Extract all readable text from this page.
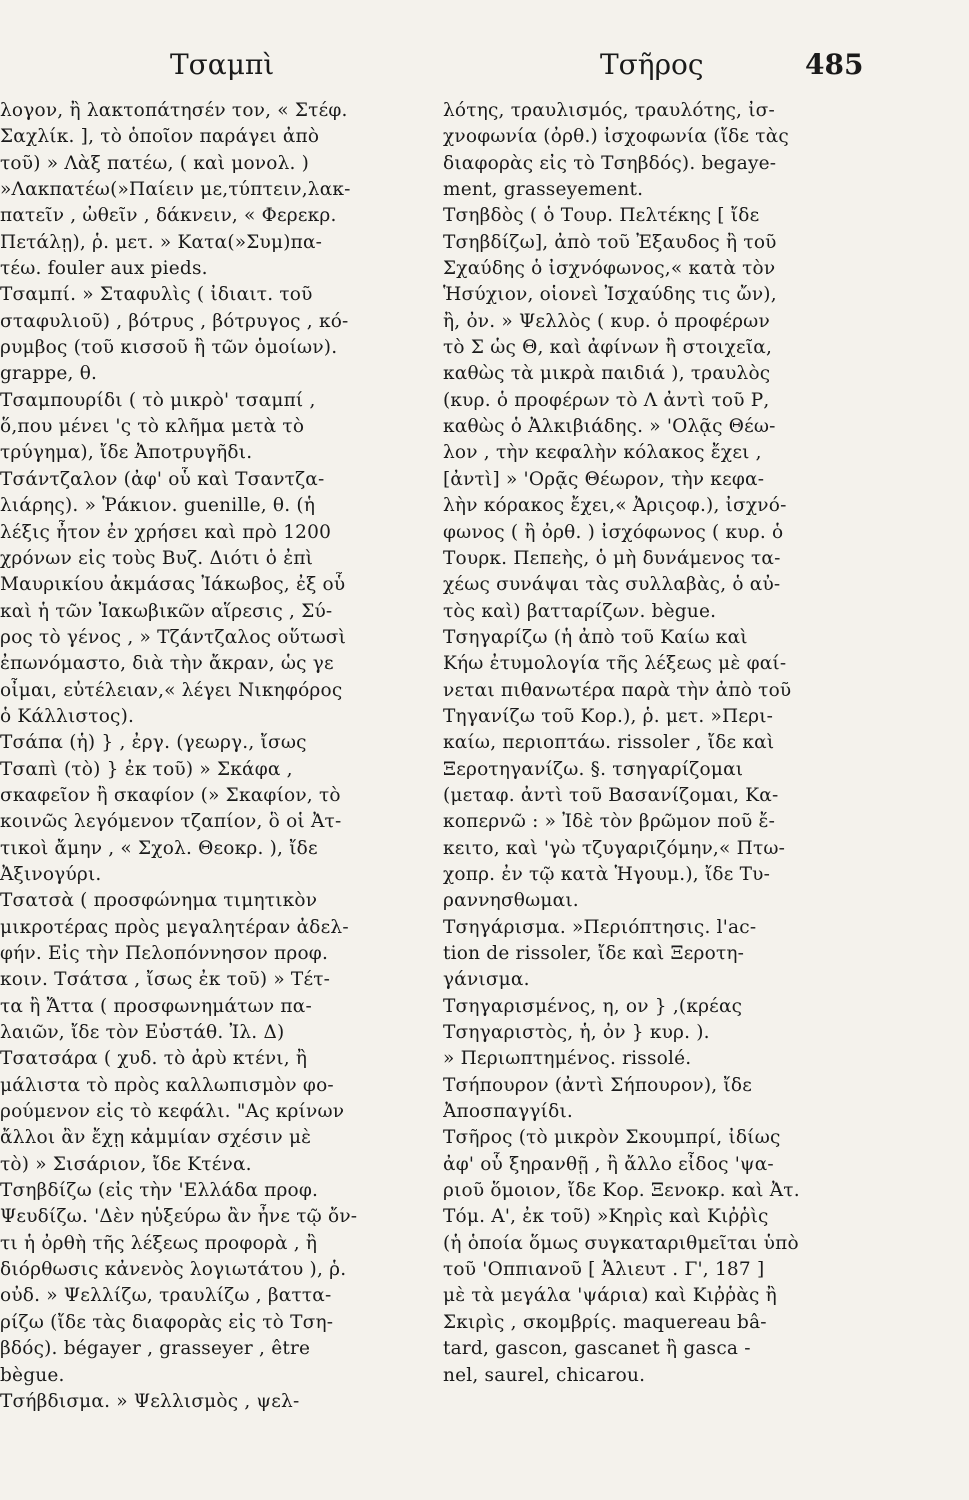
Τσαμπὶ	Τσῆρος	485
λογον, ἢ λακτοπάτησέν τον, « Στέφ.
Σαχλίκ. ], τὸ ὁποῖον παράγει ἀπὸ
τοῦ) » Λὰξ πατέω, ( καὶ μονολ. )
»Λακπατέω(»Παίειν με,τύπτειν,λακ-
πατεῖν , ὠθεῖν , δάκνειν, « Φερεκρ.
Πετάλῃ), ῥ. μετ. » Κατα(»Συμ)πα-
τέω. fouler aux pieds.
Τσαμπί. » Σταφυλὶς ( ἰδιαιτ. τοῦ
σταφυλιοῦ) , βότρυς , βότρυγος , κό-
ρυμβος (τοῦ κισσοῦ ἢ τῶν ὁμοίων).
grappe, θ.
Τσαμπουρίδι ( τὸ μικρὸ' τσαμπί ,
ὅ,που μένει 'ς τὸ κλῆμα μετὰ τὸ
τρύγημα), ἴδε Ἀποτρυγῆδι.
Τσάντζαλον (ἀφ' οὗ καὶ Τσαντζα-
λιάρης). » Ῥάκιον. guenille, θ. (ἡ
λέξις ἦτον ἐν χρήσει καὶ πρὸ 1200
χρόνων εἰς τοὺς Βυζ. Διότι ὁ ἐπὶ
Μαυρικίου ἀκμάσας Ἰάκωβος, ἐξ οὗ
καὶ ἡ τῶν Ἰακωβικῶν αἵρεσις , Σύ-
ρος τὸ γένος , » Τζάντζαλος οὕτωσὶ
ἐπωνόμαστο, διὰ τὴν ἄκραν, ὡς γε
οἶμαι, εὐτέλειαν,« λέγει Νικηφόρος
ὁ Κάλλιστος).
Τσάπα (ἡ) } , ἐργ. (γεωργ., ἴσως
Τσαπὶ (τὸ) } ἐκ τοῦ) » Σκάφα ,
σκαφεῖον ἢ σκαφίον (» Σκαφίον, τὸ
κοινῶς λεγόμενον τζαπίον, ὃ οἱ Ἀτ-
τικοὶ ἄμην , « Σχολ. Θεοκρ. ), ἴδε
Ἀξινογύρι.
Τσατσὰ ( προσφώνημα τιμητικὸν
μικροτέρας πρὸς μεγαλητέραν ἀδελ-
φήν. Εἰς τὴν Πελοπόννησον προφ.
κοιν. Τσάτσα , ἴσως ἐκ τοῦ) » Τέτ-
τα ἢ Ἄττα ( προσφωνημάτων πα-
λαιῶν, ἴδε τὸν Εὐστάθ. Ἰλ. Δ)
Τσατσάρα ( χυδ. τὸ ἀρὺ κτένι, ἢ
μάλιστα τὸ πρὸς καλλωπισμὸν φο-
ρούμενον εἰς τὸ κεφάλι. "Ας κρίνων
ἄλλοι ἂν ἔχῃ κἀμμίαν σχέσιν μὲ
τὸ) » Σισάριον, ἴδε Κτένα.
Τσηβδίζω (εἰς τὴν 'Ελλάδα προφ.
Ψευδίζω. 'Δὲν ηὑξεύρω ἂν ἦνε τῷ ὄν-
τι ἡ ὀρθὴ τῆς λέξεως προφορὰ , ἢ
διόρθωσις κἀνενὸς λογιωτάτου ), ῥ.
οὐδ. » Ψελλίζω, τραυλίζω , βαττα-
ρίζω (ἴδε τὰς διαφορὰς εἰς τὸ Τση-
βδός). bégayer , grasseyer , être
bègue.
Τσήβδισμα. » Ψελλισμὸς , ψελ-
λότης, τραυλισμός, τραυλότης, ἰσ-
χνοφωνία (ὀρθ.) ἰσχοφωνία (ἴδε τὰς
διαφορὰς εἰς τὸ Τσηβδός). begaye-
ment, grasseyement.
Τσηβδὸς ( ὁ Τουρ. Πελτέκης [ ἴδε
Τσηβδίζω], ἀπὸ τοῦ Ἐξαυδος ἢ τοῦ
Σχαύδης ὁ ἰσχνόφωνος,« κατὰ τὸν
Ἡσύχιον, οἱονεὶ Ἰσχαύδης τις ὤν),
ἢ, ὀν. » Ψελλὸς ( κυρ. ὁ προφέρων
τὸ Σ ὡς Θ, καὶ ἀφίνων ἢ στοιχεῖα,
καθὼς τὰ μικρὰ παιδιά ), τραυλὸς
(κυρ. ὁ προφέρων τὸ Λ ἀντὶ τοῦ Ρ,
καθὼς ὁ Ἀλκιβιάδης. » 'Ολᾷς Θέω-
λον , τὴν κεφαλὴν κόλακος ἔχει ,
[ἀντὶ] » 'Ορᾷς Θέωρον, τὴν κεφα-
λὴν κόρακος ἔχει,« Ἀριςοφ.), ἰσχνό-
φωνος ( ἢ ὀρθ. ) ἰσχόφωνος ( κυρ. ὁ
Τουρκ. Πεπεὴς, ὁ μὴ δυνάμενος τα-
χέως συνάψαι τὰς συλλαβὰς, ὁ αὐ-
τὸς καὶ) βατταρίζων. bègue.
Τσηγαρίζω (ἡ ἀπὸ τοῦ Καίω καὶ
Κήω ἐτυμολογία τῆς λέξεως μὲ φαί-
νεται πιθανωτέρα παρὰ τὴν ἀπὸ τοῦ
Τηγανίζω τοῦ Κορ.), ῥ. μετ. »Περι-
καίω, περιοπτάω. rissoler , ἴδε καὶ
Ξεροτηγανίζω. §. τσηγαρίζομαι
(μεταφ. ἀντὶ τοῦ Βασανίζομαι, Κα-
κοπερνῶ : » Ἰδὲ τὸν βρῶμον ποῦ ἔ-
κειτο, καὶ 'γὼ τζυγαριζόμην,« Πτω-
χοπρ. ἐν τῷ κατὰ Ἡγουμ.), ἴδε Τυ-
ραννησθωμαι.
Τσηγάρισμα. »Περιόπτησις. l'ac-
tion de rissoler, ἴδε καὶ Ξεροτη-
γάνισμα.
Τσηγαρισμένος, η, ον } ,(κρέας
Τσηγαριστὸς, ἡ, ὀν } κυρ. ).
» Περιωπτημένος. rissolé.
Τσήπουρον (ἀντὶ Σήπουρον), ἴδε
Ἀποσπαγγίδι.
Τσῆρος (τὸ μικρὸν Σκουμπρί, ἰδίως
ἀφ' οὗ ξηρανθῇ , ἢ ἄλλο εἶδος 'ψα-
ριοῦ ὅμοιον, ἴδε Κορ. Ξενοκρ. καὶ Ἀτ.
Τόμ. Α', ἐκ τοῦ) »Κηρὶς καὶ Κιῤῥὶς
(ἡ ὁποία ὅμως συγκαταριθμεῖται ὑπὸ
τοῦ 'Οππιανοῦ [ Ἁλιευτ . Γ', 187 ]
μὲ τὰ μεγάλα 'ψάρια) καὶ Κιῤῥὰς ἢ
Σκιρὶς , σκομβρίς. maquereau bâ-
tard, gascon, gascanet ἢ gasca -
nel, saurel, chicarou.
